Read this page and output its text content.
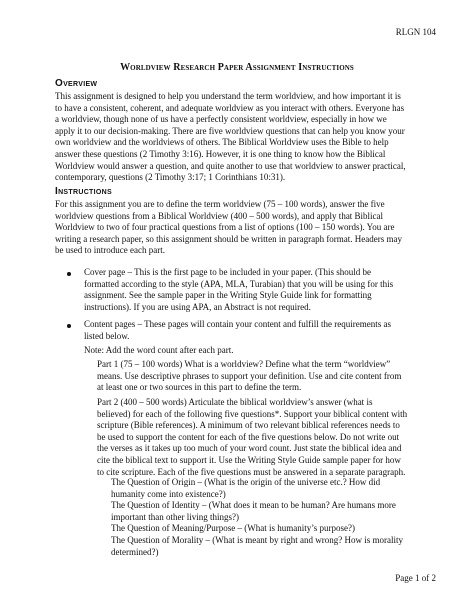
RLGN 104
Worldview Research Paper Assignment Instructions
Overview
This assignment is designed to help you understand the term worldview, and how important it is
to have a consistent, coherent, and adequate worldview as you interact with others. Everyone has
a worldview, though none of us have a perfectly consistent worldview, especially in how we
apply it to our decision-making. There are five worldview questions that can help you know your
own worldview and the worldviews of others. The Biblical Worldview uses the Bible to help
answer these questions (2 Timothy 3:16). However, it is one thing to know how the Biblical
Worldview would answer a question, and quite another to use that worldview to answer practical,
contemporary, questions (2 Timothy 3:17; 1 Corinthians 10:31).
Instructions
For this assignment you are to define the term worldview (75 – 100 words), answer the five
worldview questions from a Biblical Worldview (400 – 500 words), and apply that Biblical
Worldview to two of four practical questions from a list of options (100 – 150 words). You are
writing a research paper, so this assignment should be written in paragraph format. Headers may
be used to introduce each part.
Cover page – This is the first page to be included in your paper. (This should be
formatted according to the style (APA, MLA, Turabian) that you will be using for this
assignment. See the sample paper in the Writing Style Guide link for formatting
instructions). If you are using APA, an Abstract is not required.
Content pages – These pages will contain your content and fulfill the requirements as
listed below.
Note: Add the word count after each part.
Part 1 (75 – 100 words) What is a worldview? Define what the term “worldview”
means. Use descriptive phrases to support your definition. Use and cite content from
at least one or two sources in this part to define the term.
Part 2 (400 – 500 words) Articulate the biblical worldview’s answer (what is
believed) for each of the following five questions*. Support your biblical content with
scripture (Bible references). A minimum of two relevant biblical references needs to
be used to support the content for each of the five questions below. Do not write out
the verses as it takes up too much of your word count. Just state the biblical idea and
cite the biblical text to support it. Use the Writing Style Guide sample paper for how
to cite scripture. Each of the five questions must be answered in a separate paragraph.
The Question of Origin – (What is the origin of the universe etc.? How did
humanity come into existence?)
The Question of Identity – (What does it mean to be human? Are humans more
important than other living things?)
The Question of Meaning/Purpose – (What is humanity’s purpose?)
The Question of Morality – (What is meant by right and wrong? How is morality
determined?)
Page 1 of 2
